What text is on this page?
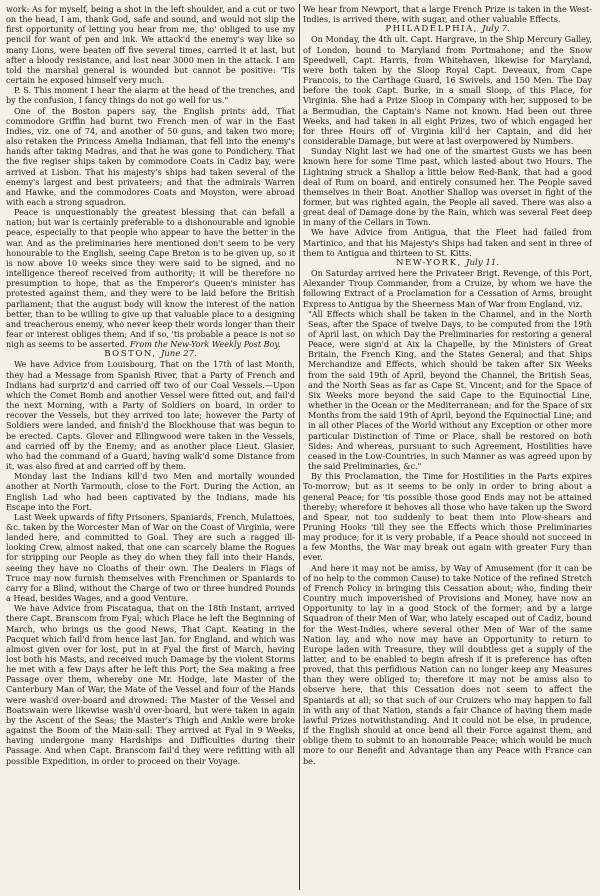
work: As for myself, being a shot in the left shoulder, and a cut or two on the head, I am, thank God, safe and sound, and would not slip the first opportunity of letting you hear from me, tho' obliged to use my pencil for want of pen and ink. We attack'd the enemy's way like so many Lions, were beaten off five several times, carried it at last, but after a bloody resistance, and lost near 3000 men in the attack. I am told the marshal general is wounded but cannot be positive: 'Tis certain he exposed himself very much.

P. S. This moment I hear the alarm at the head of the trenches, and by the confusion, I fancy things do not go well for us."

One of the Boston papers say, the English prints add, That commodore Griffin had burnt two French men of war in the East Indies, viz. one of 74, and another of 50 guns, and taken two more; also retaken the Princess Amelia Indiaman, that fell into the enemy's hands after taking Madras, and that he was gone to Pondichery. That the five regiser ships taken by commodore Coats in Cadiz bay, were arrived at Lisbon. That his majesty's ships had taken several of the enemy's largest and best privateers; and that the admirals Warren and Hawke, and the commodores Coats and Moyston, were abroad with each a strong squadron.

Peace is unquestionably the greatest blessing that can befall a nation; but war is certainly preferable to a dishonourable and ignoble peace, especially to that people who appear to have the better in the war. And as the preliminaries here mentioned don't seem to be very honourable to the English, seeing Cape Breton is to be given up, so it is now above 10 weeks since they were said to be signed, and no intelligence thereof received from authority; it will be therefore no presumption to hope, that as the Emperor's Queen's minister has protested against them, and they were to be laid before the British parliament; that the august body will know the interest of the nation better, than to be willing to give up that valuable place to a designing and treacherous enemy, who never keep their words longer than their fear or interest obliges them; And if so, 'tis probable a peace is not so nigh as seems to be asserted. From the New-York Weekly Post Boy.

BOSTON, June 27.

We have Advice from Louisbourg, That on the 17th of last Month, they had a Message from Spanish River, that a Party of French and Indians had surpriz'd and carried off two of our Coal Vessels.—Upon which the Comet Bomb and another Vessel were fitted out, and fail'd the next Morning, with a Party of Soldiers on board, in order to recover the Vessels, but they arrived too late; however the Party of Soldiers were landed, and finish'd the Blockhouse that was begun to be erected. Capts. Glover and Ellingwood were taken in the Vessels, and carried off by the Enemy; and as another place Lieut. Glasier, who had the command of a Guard, having walk'd some Distance from it, was also fired at and carried off by them.

Monday last the Indians kill'd two Men and mortally wounded another at North Yarmouth, close to the Fort. During the Action, an English Lad who had been captivated by the Indians, made his Escape into the Fort.

Last Week upwards of fifty Prisoners, Spaniards, French, Mulattoes, &c. taken by the Worcester Man of War on the Coast of Virginia, were landed here, and committed to Goal. They are such a ragged ill-looking Crew, almost naked, that one can scarcely blame the Rogues for stripping our People as they do when they fall into their Hands, seeing they have no Cloaths of their own. The Dealers in Flags of Truce may now furnish themselves with Frenchmen or Spaniards to carry for a Blind, without the Charge of two or three hundred Pounds a Head, besides Wages, and a good Venture.

We have Advice from Piscataqua, that on the 18th Instant, arrived there Capt. Branscom from Fyal; which Place he left the Beginning of March, who brings us the good News, That Capt. Keating in the Pacquet which fail'd from hence last Jan. for England, and which was almost given over for lost, put in at Fyal the first of March, having lost both his Masts, and received much Damage by the violent Storms he met with a few Days after he left this Port; the Sea making a free Passage over them, whereby one Mr. Hodge, late Master of the Canterbury Man of War, the Mate of the Vessel and four of the Hands were wash'd over-board and drowned: The Master of the Vessel and Boatswain were likewise wash'd over-board, but were taken in again by the Ascent of the Seas; the Master's Thigh and Ankle were broke against the Boom of the Main-sail: They arrived at Fyal in 9 Weeks, having undergone many Hardships and Difficulties during their Passage. And when Capt. Branscom fail'd they were refitting with all possible Expedition, in order to proceed on their Voyage.

We hear from Newport, that a large French Prize is taken in the West-Indies, is arrived there, with sugar, and other valuable Effects.

PHILADELPHIA, July 7.

On Monday, the 4th ult. Capt. Hargrave, in the Ship Mercury Galley, of London, bound to Maryland from Portmahone; and the Snow Speedwell, Capt. Harris, from Whitehaven, likewise for Maryland, were both taken by the Sloop Royal Capt. Deveaux, from Cape Francois, to the Carthage Guard, 16 Swivels, and 150 Men. The Day before the took Capt. Burke, in a small Sloop, of this Place, for Virginia. She had a Prize Sloop in Company with her, supposed to be a Bermudian, the Captain's Name not known. Had been out three Weeks, and had taken in all eight Prizes, two of which engaged her for three Hours off of Virginia kill'd her Captain, and did her considerable Damage, but were at last overpowered by Numbers.

Sunday Night last we had one of the smartest Gusts we has been known here for some Time past, which lasted about two Hours. The Lightning struck a Shallop a little below Red-Bank, that had a good deal of Rum on board, and entirely consumed her. The People saved themselves in their Boat. Another Shallop was overset in fight of the former, but was righted again, the People all saved. There was also a great deal of Damage done by the Rain, which was several Feet deep in many of the Cellars in Town.

We have Advice from Antigua, that the Fleet had failed from Martinico, and that his Majesty's Ships had taken and sent in three of them to Antigua and thirteen to St. Kitts.

NEW-YORK, July 11.

On Saturday arrived here the Privateer Brigt. Revenge, of this Port, Alexander Troup Commander, from a Cruize, by whom we have the following Extract of a Proclamation for a Cessation of Arms, brought Express to Antigua by the Sheerness Man of War from England, viz.

"All Effects which shall be taken in the Channel, and in the North Seas, after the Space of twelve Days, to be computed from the 19th of April last, on which Day the Preliminaries for restoring a general Peace, were sign'd at Aix la Chapelle, by the Ministers of Great Britain, the French King, and the States General; and that Ships Merchandize and Effects, which should be taken after Six Weeks from the said 19th of April, beyond the Channel, the British Seas, and the North Seas as far as Cape St. Vincent; and for the Space of Six Weeks more beyond the said Cape to the Equinoctial Line, whether in the Ocean or the Mediterranean; and for the Space of six Months from the said 19th of April, beyond the Equinoctial Line; and in all other Places of the World without any Exception or other more particular Distinction of Time or Place, shall be restored on both Sides: And whereas, pursuant to such Agreement, Hostilities have ceased in the Low-Countries, in such Manner as was agreed upon by the said Preliminaries, &c."

By this Proclamation, the Time for Hostilities in the Parts expires To-morrow; but as it seems to be only in order to bring about a general Peace; for 'tis possible those good Ends may not be attained thereby; wherefore it behoves all those who have taken up the Sword and Spear, not too suddenly to beat them into Plow-shears and Pruning Hooks 'till they see the Effects which those Preliminaries may produce; for it is very probable, if a Peace should not succeed in a few Months, the War may break out again with greater Fury than ever.

And here it may not be amiss, by Way of Amusement (for it can be of no help to the common Cause) to take Notice of the refined Stretch of French Policy in bringing this Cessation about; who, finding their Country much impoverished of Provisions and Money, have now an Opportunity to lay in a good Stock of the former; and by a large Squadron of their Men of War, who lately escaped out of Cadiz, bound for the West-Indies, where several other Men of War of the same Nation lay, and who now may have an Opportunity to return to Europe laden with Treasure, they will doubtless get a supply of the latter, and to be enabled to begin afresh if it is preference has often proved, that this perfidious Nation can no longer keep any Measures than they were obliged to; therefore it may not be amiss also to observe here, that this Cessation does not seem to affect the Spaniards at all; so that such of our Cruizers who may happen to fall in with any of that Nation, stands a fair Chance of having them made lawful Prizes notwithstanding. And it could not be else, in prudence, if the English should at once bend all their Force against them, and oblige them to submit to an honourable Peace; which would be much more to our Benefit and Advantage than any Peace with France can be.
